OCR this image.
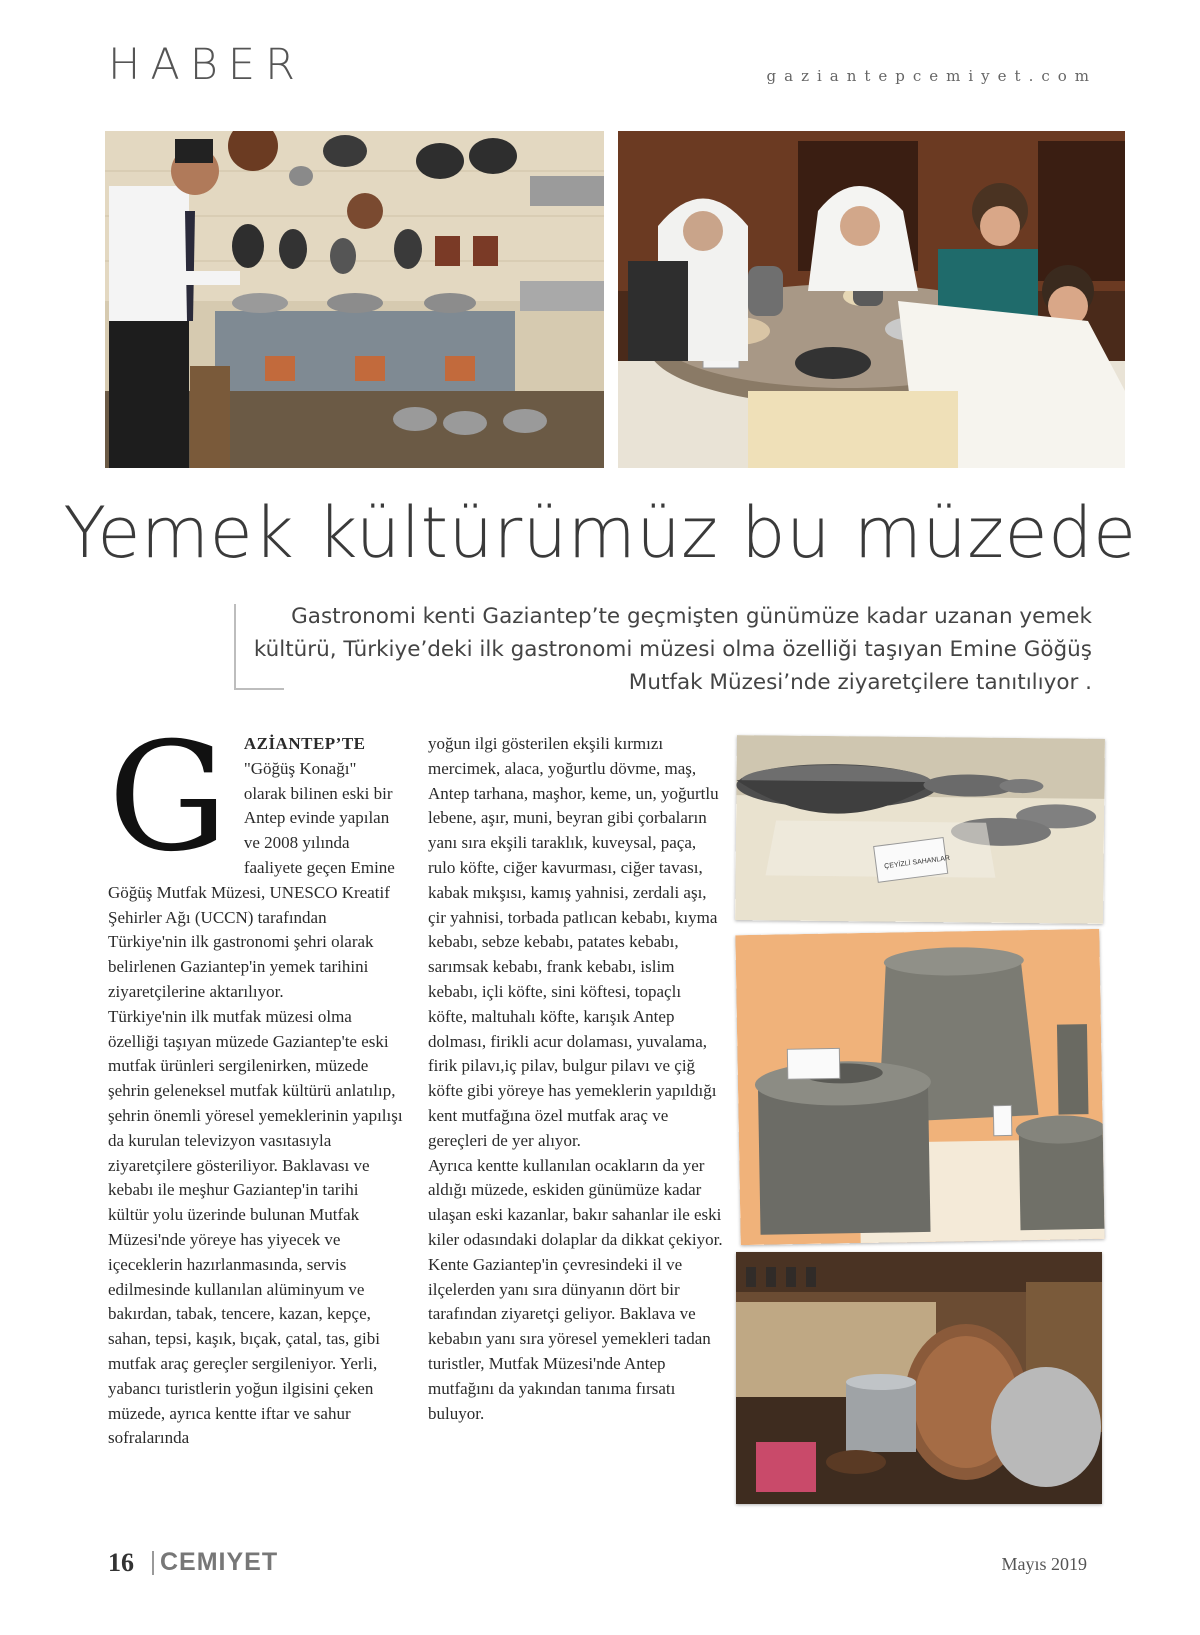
HABER	gaziantepcemiyet.com
Yemek kültürümüz bu müzede
Gastronomi kenti Gaziantep’te geçmişten günümüze kadar uzanan yemek kültürü, Türkiye’deki ilk gastronomi müzesi olma özelliği taşıyan Emine Göğüş Mutfak Müzesi’nde ziyaretçilere tanıtılıyor .
G AZİANTEP’TE "Göğüş Konağı" olarak bilinen eski bir Antep evinde yapılan ve 2008 yılında faaliyete geçen Emine Göğüş Mutfak Müzesi, UNESCO Kreatif Şehirler Ağı (UCCN) tarafından Türkiye'nin ilk gastronomi şehri olarak belirlenen Gaziantep'in yemek tarihini ziyaretçilerine aktarılıyor.

Türkiye'nin ilk mutfak müzesi olma özelliği taşıyan müzede Gaziantep'te eski mutfak ürünleri sergilenirken, müzede şehrin geleneksel mutfak kültürü anlatılıp, şehrin önemli yöresel yemeklerinin yapılışı da kurulan televizyon vasıtasıyla ziyaretçilere gösteriliyor. Baklavası ve kebabı ile meşhur Gaziantep'in tarihi kültür yolu üzerinde bulunan Mutfak Müzesi'nde yöreye has yiyecek ve içeceklerin hazırlanmasında, servis edilmesinde kullanılan alüminyum ve bakırdan, tabak, tencere, kazan, kepçe, sahan, tepsi, kaşık, bıçak, çatal, tas, gibi mutfak araç gereçler sergileniyor. Yerli, yabancı turistlerin yoğun ilgisini çeken müzede, ayrıca kentte iftar ve sahur sofralarında

yoğun ilgi gösterilen ekşili kırmızı mercimek, alaca, yoğurtlu dövme, maş, Antep tarhana, maşhor, keme, un, yoğurtlu lebene, aşır, muni, beyran gibi çorbaların yanı sıra ekşili taraklık, kuveysal, paça, rulo köfte, ciğer kavurması, ciğer tavası, kabak mıkşısı, kamış yahnisi, zerdali aşı, çir yahnisi, torbada patlıcan kebabı, kıyma kebabı, sebze kebabı, patates kebabı, sarımsak kebabı, frank kebabı, islim kebabı, içli köfte, sini köftesi, topaçlı köfte, maltuhalı köfte, karışık Antep dolması, firikli acur dolaması, yuvalama, firik pilavı,iç pilav, bulgur pilavı ve çiğ köfte gibi yöreye has yemeklerin yapıldığı kent mutfağına özel mutfak araç ve gereçleri de yer alıyor.

Ayrıca kentte kullanılan ocakların da yer aldığı müzede, eskiden günümüze kadar ulaşan eski kazanlar, bakır sahanlar ile eski kiler odasındaki dolaplar da dikkat çekiyor.

Kente Gaziantep'in çevresindeki il ve ilçelerden yanı sıra dünyanın dört bir tarafından ziyaretçi geliyor. Baklava ve kebabın yanı sıra yöresel yemekleri tadan turistler, Mutfak Müzesi'nde Antep mutfağını da yakından tanıma fırsatı buluyor.

ÇEYİZLİ SAHANLAR
16 CEMIYET	Mayıs 2019
